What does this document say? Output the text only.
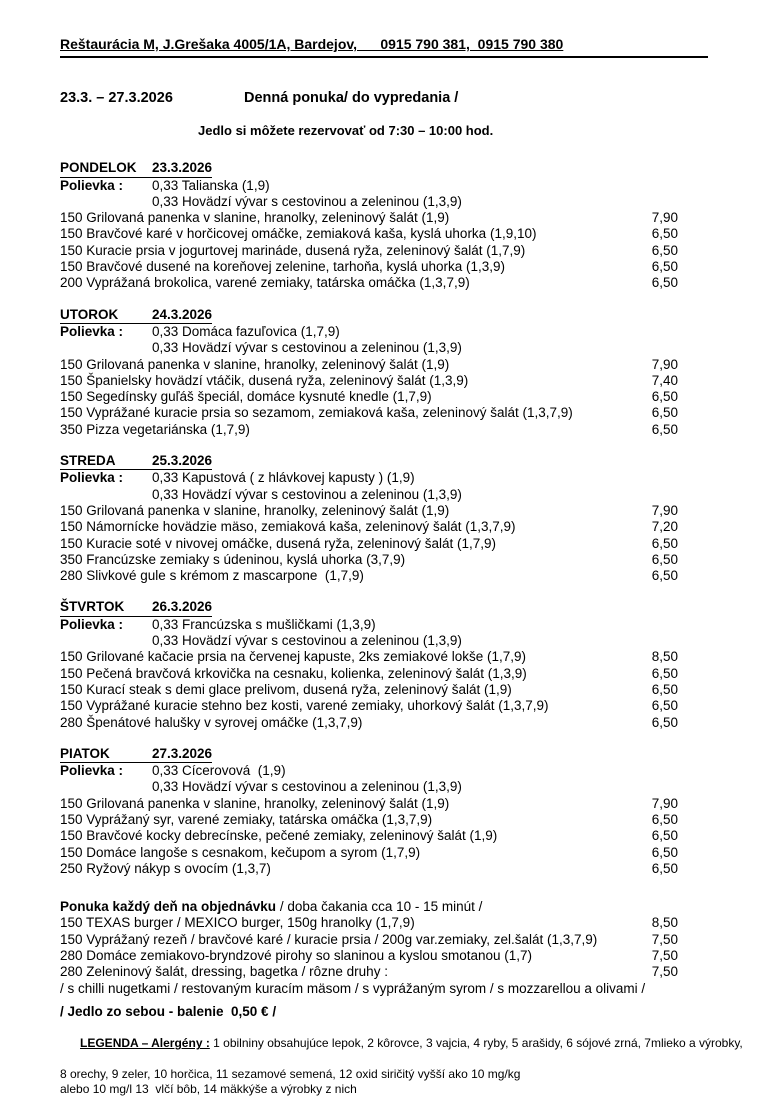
Reštaurácia M, J.Grešaka 4005/1A, Bardejov,      0915 790 381,  0915 790 380
23.3. – 27.3.2026	Denná ponuka/ do vypredania /
Jedlo si môžete rezervovať od 7:30 – 10:00 hod.
PONDELOK 23.3.2026
Polievka :	0,33 Talianska (1,9)
0,33 Hovädzí vývar s cestovinou a zeleninou (1,3,9)
150 Grilovaná panenka v slanine, hranolky, zeleninový šalát (1,9)	7,90
150 Bravčové karé v horčicovej omáčke, zemiaková kaša, kyslá uhorka (1,9,10)	6,50
150 Kuracie prsia v jogurtovej marináde, dusená ryža, zeleninový šalát (1,7,9)	6,50
150 Bravčové dusené na koreňovej zelenine, tarhoňa, kyslá uhorka (1,3,9)	6,50
200 Vyprážaná brokolica, varené zemiaky, tatárska omáčka (1,3,7,9)	6,50
UTOROK 24.3.2026
Polievka :	0,33 Domáca fazuľovica (1,7,9)
0,33 Hovädzí vývar s cestovinou a zeleninou (1,3,9)
150 Grilovaná panenka v slanine, hranolky, zeleninový šalát (1,9)	7,90
150 Španielsky hovädzí vtáčik, dusená ryža, zeleninový šalát (1,3,9)	7,40
150 Segedínsky guľáš špeciál, domáce kysnuté knedle (1,7,9)	6,50
150 Vyprážané kuracie prsia so sezamom, zemiaková kaša, zeleninový šalát (1,3,7,9)	6,50
350 Pizza vegetariánska (1,7,9)	6,50
STREDA	25.3.2026
Polievka :	0,33 Kapustová ( z hlávkovej kapusty ) (1,9)
0,33 Hovädzí vývar s cestovinou a zeleninou (1,3,9)
150 Grilovaná panenka v slanine, hranolky, zeleninový šalát (1,9)	7,90
150 Námornícke hovädzie mäso, zemiaková kaša, zeleninový šalát (1,3,7,9)	7,20
150 Kuracie soté v nivovej omáčke, dusená ryža, zeleninový šalát (1,7,9)	6,50
350 Francúzske zemiaky s údeninou, kyslá uhorka (3,7,9)	6,50
280 Slivkové gule s krémom z mascarpone  (1,7,9)	6,50
ŠTVRTOK 26.3.2026
Polievka :	0,33 Francúzska s mušličkami (1,3,9)
0,33 Hovädzí vývar s cestovinou a zeleninou (1,3,9)
150 Grilované kačacie prsia na červenej kapuste, 2ks zemiakové lokše (1,7,9)	8,50
150 Pečená bravčová krkovička na cesnaku, kolienka, zeleninový šalát (1,3,9)	6,50
150 Kurací steak s demi glace prelivom, dusená ryža, zeleninový šalát (1,9)	6,50
150 Vyprážané kuracie stehno bez kosti, varené zemiaky, uhorkový šalát (1,3,7,9)	6,50
280 Špenátové halušky v syrovej omáčke (1,3,7,9)	6,50
PIATOK	27.3.2026
Polievka :	0,33 Cícerovová  (1,9)
0,33 Hovädzí vývar s cestovinou a zeleninou (1,3,9)
150 Grilovaná panenka v slanine, hranolky, zeleninový šalát (1,9)	7,90
150 Vyprážaný syr, varené zemiaky, tatárska omáčka (1,3,7,9)	6,50
150 Bravčové kocky debrecínske, pečené zemiaky, zeleninový šalát (1,9)	6,50
150 Domáce langoše s cesnakom, kečupom a syrom (1,7,9)	6,50
250 Ryžový nákyp s ovocím (1,3,7)	6,50
Ponuka každý deň na objednávku / doba čakania cca 10 - 15 minút /
150 TEXAS burger / MEXICO burger, 150g hranolky (1,7,9)	8,50
150 Vyprážaný rezeň / bravčové karé / kuracie prsia / 200g var.zemiaky, zel.šalát (1,3,7,9)	7,50
280 Domáce zemiakovo-bryndzové pirohy so slaninou a kyslou smotanou (1,7)	7,50
280 Zeleninový šalát, dressing, bagetka / rôzne druhy :	7,50
/ s chilli nugetkami / restovaným kuracím mäsom / s vyprážaným syrom / s mozzarellou a olivami /
/ Jedlo zo sebou - balenie  0,50 € /

LEGENDA – Alergény : 1 obilniny obsahujúce lepok, 2 kôrovce, 3 vajcia, 4 ryby, 5 arašidy, 6 sójové zrná, 7mlieko a výrobky,

8 orechy, 9 zeler, 10 horčica, 11 sezamové semená, 12 oxid siričitý vyšší ako 10 mg/kg
alebo 10 mg/l 13  vlčí bôb, 14 mäkkýše a výrobky z nich
